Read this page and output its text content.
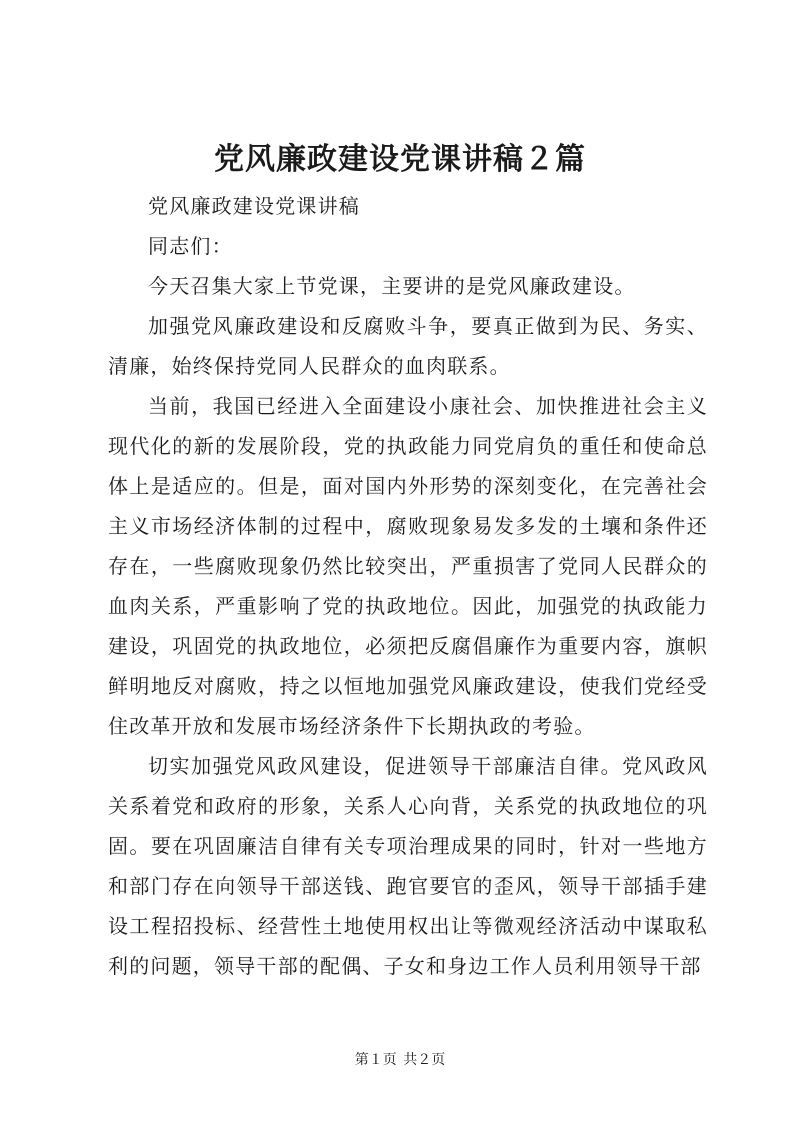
党风廉政建设党课讲稿２篇

党风廉政建设党课讲稿

同志们：

今天召集大家上节党课，主要讲的是党风廉政建设。

加强党风廉政建设和反腐败斗争，要真正做到为民、务实、清廉，始终保持党同人民群众的血肉联系。

当前，我国已经进入全面建设小康社会、加快推进社会主义现代化的新的发展阶段，党的执政能力同党肩负的重任和使命总体上是适应的。但是，面对国内外形势的深刻变化，在完善社会主义市场经济体制的过程中，腐败现象易发多发的土壤和条件还存在，一些腐败现象仍然比较突出，严重损害了党同人民群众的血肉关系，严重影响了党的执政地位。因此，加强党的执政能力建设，巩固党的执政地位，必须把反腐倡廉作为重要内容，旗帜鲜明地反对腐败，持之以恒地加强党风廉政建设，使我们党经受住改革开放和发展市场经济条件下长期执政的考验。

切实加强党风政风建设，促进领导干部廉洁自律。党风政风关系着党和政府的形象，关系人心向背，关系党的执政地位的巩固。要在巩固廉洁自律有关专项治理成果的同时，针对一些地方和部门存在向领导干部送钱、跑官要官的歪风，领导干部插手建设工程招投标、经营性土地使用权出让等微观经济活动中谋取私利的问题，领导干部的配偶、子女和身边工作人员利用领导干部

第１页 共２页
